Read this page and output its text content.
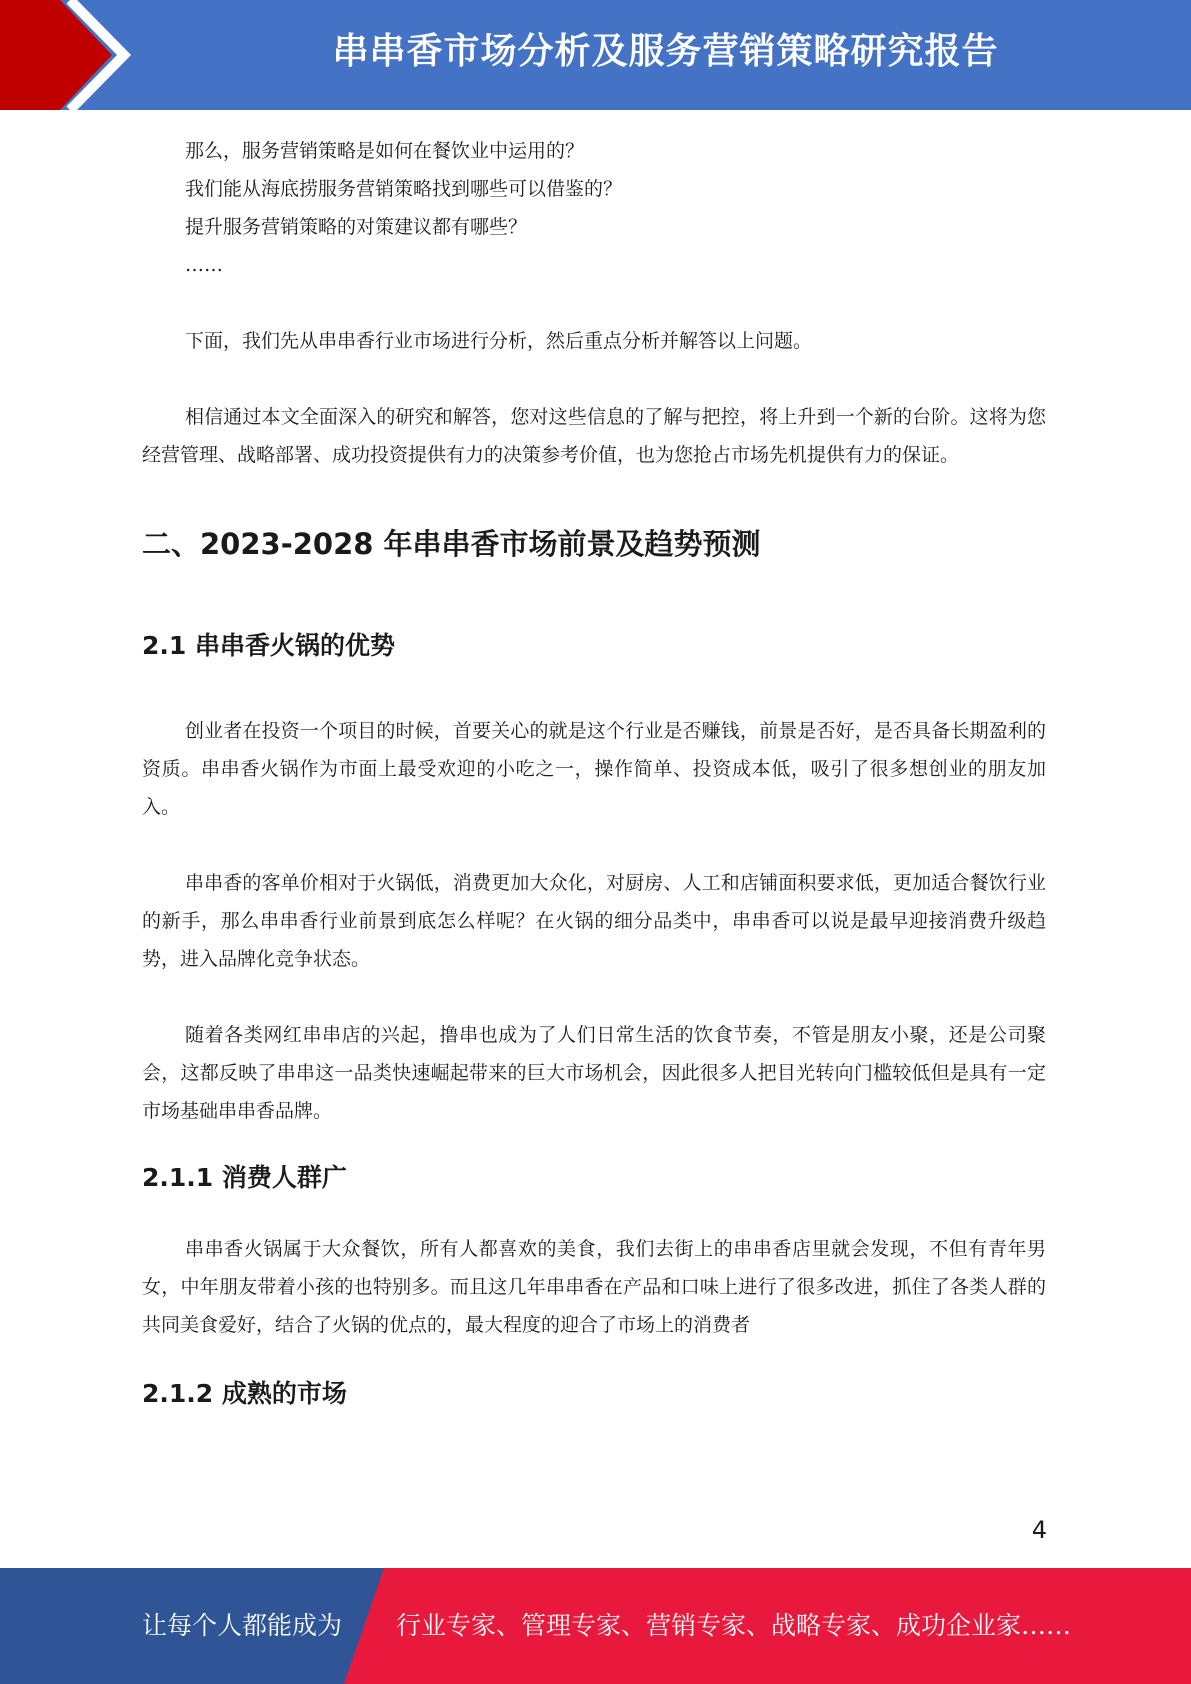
串串香市场分析及服务营销策略研究报告

那么，服务营销策略是如何在餐饮业中运用的？

我们能从海底捞服务营销策略找到哪些可以借鉴的？

提升服务营销策略的对策建议都有哪些？

……

下面，我们先从串串香行业市场进行分析，然后重点分析并解答以上问题。

相信通过本文全面深入的研究和解答，您对这些信息的了解与把控，将上升到一个新的台阶。这将为您经营管理、战略部署、成功投资提供有力的决策参考价值，也为您抢占市场先机提供有力的保证。

二、2023-2028 年串串香市场前景及趋势预测
2.1 串串香火锅的优势

创业者在投资一个项目的时候，首要关心的就是这个行业是否赚钱，前景是否好，是否具备长期盈利的资质。串串香火锅作为市面上最受欢迎的小吃之一，操作简单、投资成本低，吸引了很多想创业的朋友加入。

串串香的客单价相对于火锅低，消费更加大众化，对厨房、人工和店铺面积要求低，更加适合餐饮行业的新手，那么串串香行业前景到底怎么样呢？在火锅的细分品类中，串串香可以说是最早迎接消费升级趋势，进入品牌化竞争状态。

随着各类网红串串店的兴起，撸串也成为了人们日常生活的饮食节奏，不管是朋友小聚，还是公司聚会，这都反映了串串这一品类快速崛起带来的巨大市场机会，因此很多人把目光转向门槛较低但是具有一定市场基础串串香品牌。

2.1.1 消费人群广

串串香火锅属于大众餐饮，所有人都喜欢的美食，我们去街上的串串香店里就会发现，不但有青年男女，中年朋友带着小孩的也特别多。而且这几年串串香在产品和口味上进行了很多改进，抓住了各类人群的共同美食爱好，结合了火锅的优点的，最大程度的迎合了市场上的消费者

2.1.2 成熟的市场
4
让每个人都能成为 行业专家、管理专家、营销专家、战略专家、成功企业家……
